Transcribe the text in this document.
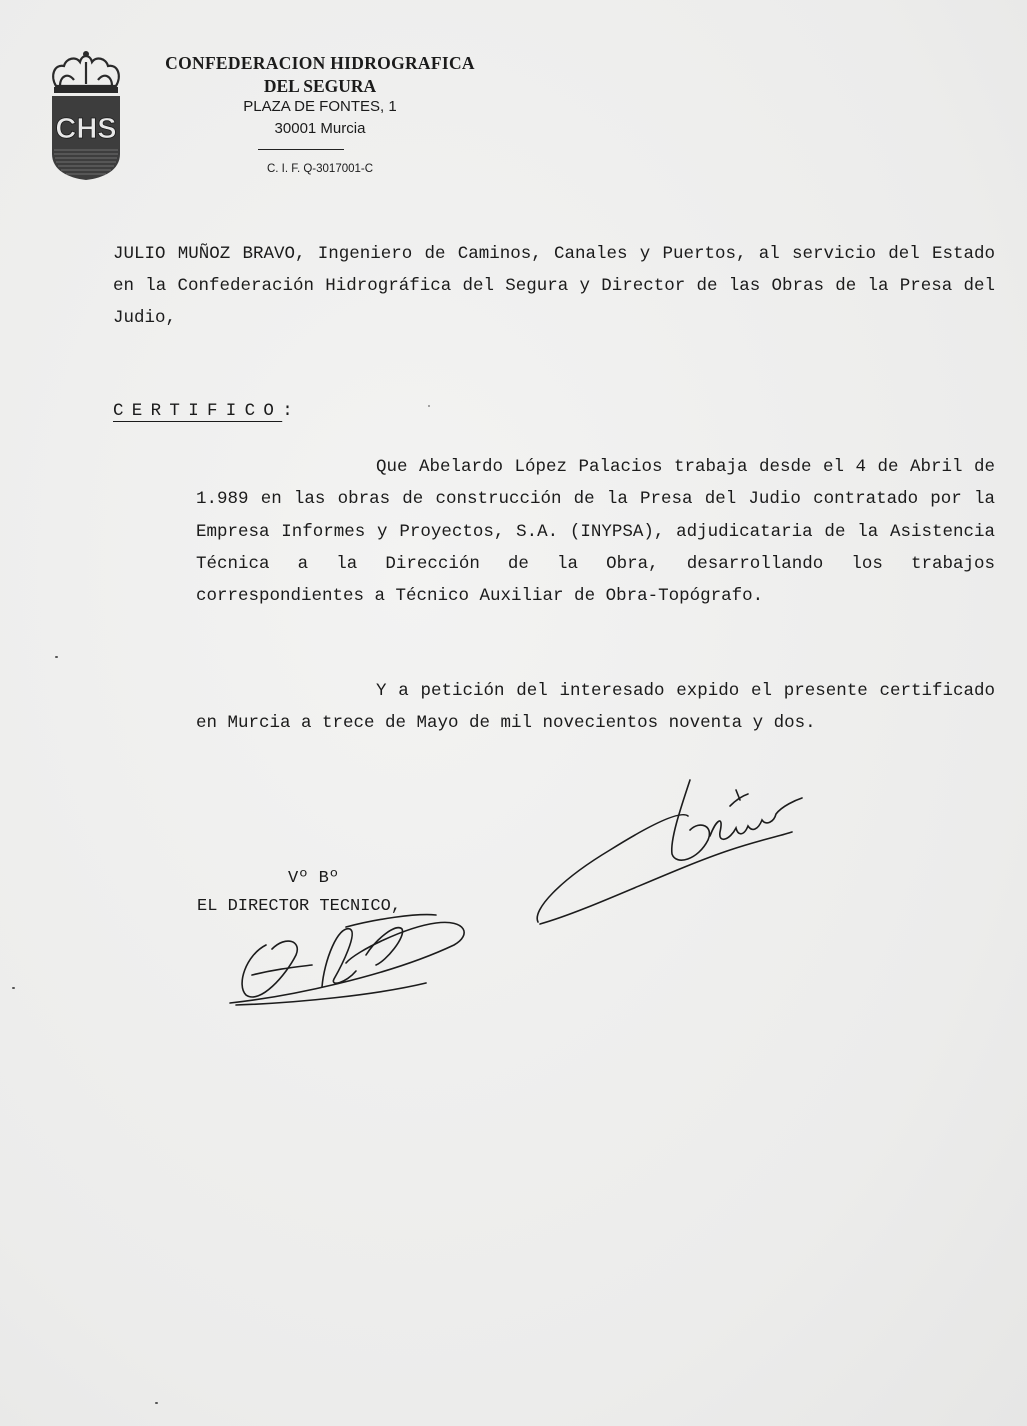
CHS
CONFEDERACION HIDROGRAFICA
DEL SEGURA
PLAZA DE FONTES, 1
30001 Murcia
C. I. F. Q-3017001-C
JULIO MUÑOZ BRAVO, Ingeniero de Caminos, Canales y Puertos, al servicio del Estado en la Confederación Hidrográfica del Segura y Director de las Obras de la Presa del Judio,
CERTIFICO:
Que Abelardo López Palacios trabaja desde el 4 de Abril de 1.989 en las obras de construcción de la Presa del Judio contratado por la Empresa Informes y Proyectos, S.A. (INYPSA), adjudicataria de la Asistencia Técnica a la Dirección de la Obra, desarrollando los trabajos correspondientes a Técnico Auxiliar de Obra-Topógrafo.
Y a petición del interesado expido el presente certificado en Murcia a trece de Mayo de mil novecientos noventa y dos.
Vº Bº
EL DIRECTOR TECNICO,
